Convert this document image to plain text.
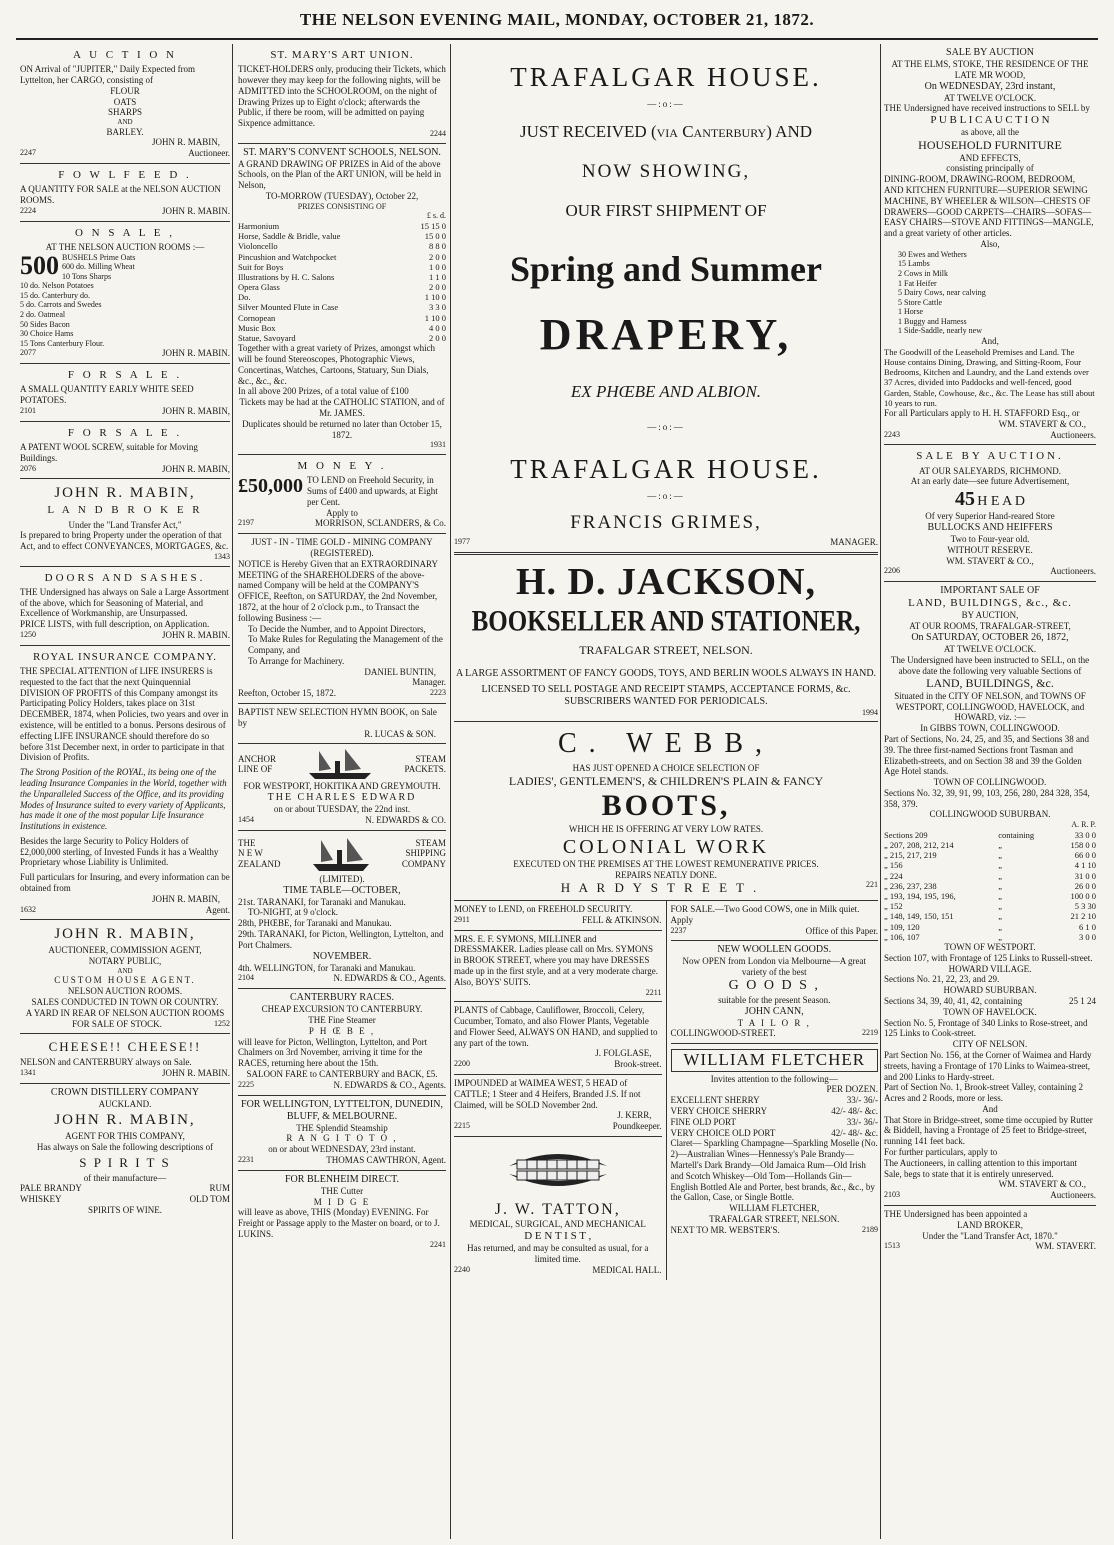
THE NELSON EVENING MAIL, MONDAY, OCTOBER 21, 1872.
A U C T I O N
ON Arrival of "JUPITER," Daily Expected from Lyttelton, her CARGO, consisting of
FLOUR
OATS
SHARPS
AND
BARLEY.
JOHN R. MABIN,
2247	Auctioneer.
F O W L F E E D .
A QUANTITY FOR SALE at the NELSON AUCTION ROOMS.
2224	JOHN R. MABIN.
O N S A L E ,
AT THE NELSON AUCTION ROOMS :—
500 BUSHELS Prime Oats
600 do. Milling Wheat
10 Tons Sharps
10 do. Nelson Potatoes
15 do. Canterbury do.
5 do. Carrots and Swedes
2 do. Oatmeal
50 Sides Bacon
30 Choice Hams
15 Tons Canterbury Flour.
2077	JOHN R. MABIN.
F O R S A L E .
A SMALL QUANTITY EARLY WHITE SEED POTATOES.
2101	JOHN R. MABIN,
F O R S A L E .
A PATENT WOOL SCREW, suitable for Moving Buildings.
2076	JOHN R. MABIN,
JOHN R. MABIN,
L A N D B R O K E R
Under the "Land Transfer Act,"
Is prepared to bring Property under the operation of that Act, and to effect CONVEYANCES, MORTGAGES, &c.
1343
DOORS AND SASHES.
THE Undersigned has always on Sale a Large Assortment of the above, which for Seasoning of Material, and Excellence of Workmanship, are Unsurpassed.
PRICE LISTS, with full description, on Application.
1250	JOHN R. MABIN.
ROYAL INSURANCE COMPANY.
THE SPECIAL ATTENTION of LIFE INSURERS is requested to the fact that the next Quinquennial DIVISION OF PROFITS of this Company amongst its Participating Policy Holders, takes place on 31st DECEMBER, 1874, when Policies, two years and over in existence, will be entitled to a bonus. Persons desirous of effecting LIFE INSURANCE should therefore do so before 31st December next, in order to participate in that Division of Profits.
The Strong Position of the ROYAL, its being one of the leading Insurance Companies in the World, together with the Unparalleled Success of the Office, and its providing Modes of Insurance suited to every variety of Applicants, has made it one of the most popular Life Insurance Institutions in existence.
Besides the large Security to Policy Holders of £2,000,000 sterling, of Invested Funds it has a Wealthy Proprietary whose Liability is Unlimited.
Full particulars for Insuring, and every information can be obtained from
JOHN R. MABIN,
1632	Agent.
JOHN R. MABIN,
AUCTIONEER, COMMISSION AGENT,
NOTARY PUBLIC,
AND
CUSTOM HOUSE AGENT.
NELSON AUCTION ROOMS.
SALES CONDUCTED IN TOWN OR COUNTRY.
A YARD IN REAR OF NELSON AUCTION ROOMS
FOR SALE OF STOCK.	1252
CHEESE!! CHEESE!!
NELSON and CANTERBURY always on Sale.
1341	JOHN R. MABIN.
CROWN DISTILLERY COMPANY
AUCKLAND.
JOHN R. MABIN,
AGENT FOR THIS COMPANY,
Has always on Sale the following descriptions of
S P I R I T S
of their manufacture—
PALE BRANDY	RUM
WHISKEY	OLD TOM
SPIRITS OF WINE.
ST. MARY'S ART UNION.
TICKET-HOLDERS only, producing their Tickets, which however they may keep for the following nights, will be ADMITTED into the SCHOOLROOM, on the night of Drawing Prizes up to Eight o'clock; afterwards the Public, if there be room, will be admitted on paying Sixpence admittance.
2244
ST. MARY'S CONVENT SCHOOLS, NELSON.
A GRAND DRAWING OF PRIZES in Aid of the above Schools, on the Plan of the ART UNION, will be held in Nelson,
TO-MORROW (TUESDAY), October 22,
PRIZES CONSISTING OF
£ s. d.
Harmonium	15 15 0
Horse, Saddle & Bridle, value	15 0 0
Violoncello	8 8 0
Pincushion and Watchpocket	2 0 0
Suit for Boys	1 0 0
Illustrations by H. C. Salons	1 1 0
Opera Glass	2 0 0
Do.	1 10 0
Silver Mounted Flute in Case	3 3 0
Cornopean	1 10 0
Music Box	4 0 0
Statue, Savoyard	2 0 0
Together with a great variety of Prizes, amongst which will be found Stereoscopes, Photographic Views, Concertinas, Watches, Cartoons, Statuary, Sun Dials, &c., &c., &c.
In all above 200 Prizes, of a total value of £100
Tickets may be had at the CATHOLIC STATION, and of Mr. JAMES.
Duplicates should be returned no later than October 15, 1872.
1931
M O N E Y .
£50,000 TO LEND on Freehold Security, in Sums of £400 and upwards, at Eight per Cent.
Apply to
2197	MORRISON, SCLANDERS, & Co.
JUST - IN - TIME GOLD - MINING COMPANY (REGISTERED).
NOTICE is Hereby Given that an EXTRAORDINARY MEETING of the SHAREHOLDERS of the above-named Company will be held at the COMPANY'S OFFICE, Reefton, on SATURDAY, the 2nd November, 1872, at the hour of 2 o'clock p.m., to Transact the following Business :—
To Decide the Number, and to Appoint Directors,
To Make Rules for Regulating the Management of the Company, and
To Arrange for Machinery.
DANIEL BUNTIN,
Manager.
Reefton, October 15, 1872.	2223
BAPTIST NEW SELECTION HYMN BOOK, on Sale by
R. LUCAS & SON.
ANCHOR
LINE OF
STEAM
PACKETS.
FOR WESTPORT, HOKITIKA AND GREYMOUTH.
THE CHARLES EDWARD
on or about TUESDAY, the 22nd inst.
1454	N. EDWARDS & CO.
THE
N E W
ZEALAND
STEAM
SHIPPING
COMPANY
(LIMITED).
TIME TABLE—OCTOBER,
21st. TARANAKI, for Taranaki and Manukau.
TO-NIGHT, at 9 o'clock.
28th, PHŒBE, for Taranaki and Manukau.
29th. TARANAKI, for Picton, Wellington, Lyttelton, and Port Chalmers.
NOVEMBER.
4th. WELLINGTON, for Taranaki and Manukau.
2104	N. EDWARDS & CO., Agents.
CANTERBURY RACES.
CHEAP EXCURSION TO CANTERBURY.
THE Fine Steamer
P H Œ B E ,
will leave for Picton, Wellington, Lyttelton, and Port Chalmers on 3rd November, arriving it time for the RACES, returning here about the 15th.
SALOON FARE to CANTERBURY and BACK, £5.
2225	N. EDWARDS & CO., Agents.
FOR WELLINGTON, LYTTELTON, DUNEDIN, BLUFF, & MELBOURNE.
THE Splendid Steamship
R A N G I T O T O ,
on or about WEDNESDAY, 23rd instant.
2231	THOMAS CAWTHRON, Agent.
FOR BLENHEIM DIRECT.
THE Cutter
M I D G E
will leave as above, THIS (Monday) EVENING. For Freight or Passage apply to the Master on board, or to J. LUKINS.
2241
TRAFALGAR HOUSE.
—:o:—
JUST RECEIVED (via Canterbury) AND
NOW SHOWING,
OUR FIRST SHIPMENT OF
Spring and Summer
DRAPERY,
EX PHŒBE AND ALBION.
—:o:—
TRAFALGAR HOUSE.
—:o:—
FRANCIS GRIMES,
1977	MANAGER.
H. D. JACKSON,
BOOKSELLER AND STATIONER,
TRAFALGAR STREET, NELSON.
A LARGE ASSORTMENT OF FANCY GOODS, TOYS, AND BERLIN WOOLS ALWAYS IN HAND.
LICENSED TO SELL POSTAGE AND RECEIPT STAMPS, ACCEPTANCE FORMS, &c. SUBSCRIBERS WANTED FOR PERIODICALS.
1994
C. WEBB,
HAS JUST OPENED A CHOICE SELECTION OF
LADIES', GENTLEMEN'S, & CHILDREN'S PLAIN & FANCY
BOOTS,
WHICH HE IS OFFERING AT VERY LOW RATES.
COLONIAL WORK
EXECUTED ON THE PREMISES AT THE LOWEST REMUNERATIVE PRICES.
REPAIRS NEATLY DONE.
H A R D Y S T R E E T .	221
MONEY to LEND, on FREEHOLD SECURITY.
2911	FELL & ATKINSON.
MRS. E. F. SYMONS, MILLINER and DRESSMAKER. Ladies please call on Mrs. SYMONS in BROOK STREET, where you may have DRESSES made up in the first style, and at a very moderate charge. Also, BOYS' SUITS.
2211
PLANTS of Cabbage, Cauliflower, Broccoli, Celery, Cucumber, Tomato, and also Flower Plants, Vegetable and Flower Seed, ALWAYS ON HAND, and supplied to any part of the town.
J. FOLGLASE,
2200	Brook-street.
IMPOUNDED at WAIMEA WEST, 5 HEAD of CATTLE; 1 Steer and 4 Heifers, Branded J.S. If not Claimed, will be SOLD November 2nd.
J. KERR,
2215	Poundkeeper.
J. W. TATTON,
MEDICAL, SURGICAL, AND MECHANICAL
D E N T I S T ,
Has returned, and may be consulted as usual, for a limited time.
2240	MEDICAL HALL.
FOR SALE.—Two Good COWS, one in Milk quiet. Apply
2237	Office of this Paper.
NEW WOOLLEN GOODS.
Now OPEN from London via Melbourne—A great variety of the best
G O O D S ,
suitable for the present Season.
JOHN CANN,
T A I L O R ,
COLLINGWOOD-STREET.	2219
WILLIAM FLETCHER
Invites attention to the following—
PER DOZEN.
EXCELLENT SHERRY	33/- 36/-
VERY CHOICE SHERRY	42/- 48/- &c.
FINE OLD PORT	33/- 36/-
VERY CHOICE OLD PORT	42/- 48/- &c.
Claret— Sparkling Champagne—Sparkling Moselle (No. 2)—Australian Wines—Hennessy's Pale Brandy—Martell's Dark Brandy—Old Jamaica Rum—Old Irish and Scotch Whiskey—Old Tom—Hollands Gin—English Bottled Ale and Porter, best brands, &c., &c., by the Gallon, Case, or Single Bottle.
WILLIAM FLETCHER,
TRAFALGAR STREET, NELSON.
NEXT TO MR. WEBSTER'S.	2189
SALE BY AUCTION
AT THE ELMS, STOKE, THE RESIDENCE OF THE LATE MR WOOD,
On WEDNESDAY, 23rd instant,
AT TWELVE O'CLOCK.
THE Undersigned have received instructions to SELL by
P U B L I C A U C T I O N
as above, all the
HOUSEHOLD FURNITURE
AND EFFECTS,
consisting principally of
DINING-ROOM, DRAWING-ROOM, BEDROOM, AND KITCHEN FURNITURE—SUPERIOR SEWING MACHINE, BY WHEELER & WILSON—CHESTS OF DRAWERS—GOOD CARPETS—CHAIRS—SOFAS—EASY CHAIRS—STOVE AND FITTINGS—MANGLE, and a great variety of other articles.
Also,
30 Ewes and Wethers
15 Lambs
2 Cows in Milk
1 Fat Heifer
5 Dairy Cows, near calving
5 Store Cattle
1 Horse
1 Buggy and Harness
1 Side-Saddle, nearly new
And,
The Goodwill of the Leasehold Premises and Land. The House contains Dining, Drawing, and Sitting-Room, Four Bedrooms, Kitchen and Laundry, and the Land extends over 37 Acres, divided into Paddocks and well-fenced, good Garden, Stable, Cowhouse, &c., &c. The Lease has still about 10 years to run.
For all Particulars apply to H. H. STAFFORD Esq., or
WM. STAVERT & CO.,
2243	Auctioneers.
SALE BY AUCTION.
AT OUR SALEYARDS, RICHMOND.
At an early date—see future Advertisement,
45 H E A D
Of very Superior Hand-reared Store
BULLOCKS AND HEIFFERS
Two to Four-year old.
WITHOUT RESERVE.
WM. STAVERT & CO.,
2206	Auctioneers.
IMPORTANT SALE OF
LAND, BUILDINGS, &c., &c.
BY AUCTION,
AT OUR ROOMS, TRAFALGAR-STREET,
On SATURDAY, OCTOBER 26, 1872,
AT TWELVE O'CLOCK.
The Undersigned have been instructed to SELL, on the above date the following very valuable Sections of
LAND, BUILDINGS, &c.
Situated in the CITY OF NELSON, and TOWNS OF WESTPORT, COLLINGWOOD, HAVELOCK, and HOWARD, viz. :—
In GIBBS TOWN, COLLINGWOOD.
Part of Sections, No. 24, 25, and 35, and Sections 38 and 39. The three first-named Sections front Tasman and Elizabeth-streets, and on Section 38 and 39 the Golden Age Hotel stands.
TOWN OF COLLINGWOOD.
Sections No. 32, 39, 91, 99, 103, 256, 280, 284 328, 354, 358, 379.
COLLINGWOOD SUBURBAN.
A. R. P.
Sections 209	containing	33 0 0
„ 207, 208, 212, 214	„	158 0 0
„ 215, 217, 219	„	66 0 0
„ 156	„	4 1 10
„ 224	„	31 0 0
„ 236, 237, 238	„	26 0 0
„ 193, 194, 195, 196,	„	100 0 0
„ 152	„	5 3 30
„ 148, 149, 150, 151	„	21 2 10
„ 109, 120	„	6 1 0
„ 106, 107	„	3 0 0
TOWN OF WESTPORT.
Section 107, with Frontage of 125 Links to Russell-street.
HOWARD VILLAGE.
Sections No. 21, 22, 23, and 29.
HOWARD SUBURBAN.
Sections 34, 39, 40, 41, 42, containing	25 1 24
TOWN OF HAVELOCK.
Section No. 5, Frontage of 340 Links to Rose-street, and 125 Links to Cook-street.
CITY OF NELSON.
Part Section No. 156, at the Corner of Waimea and Hardy streets, having a Frontage of 170 Links to Waimea-street, and 200 Links to Hardy-street.
Part of Section No. 1, Brook-street Valley, containing 2 Acres and 2 Roods, more or less.
And
That Store in Bridge-street, some time occupied by Rutter & Biddell, having a Frontage of 25 feet to Bridge-street, running 141 feet back.
For further particulars, apply to
The Auctioneers, in calling attention to this important Sale, begs to state that it is entirely unreserved.
WM. STAVERT & CO.,
2103	Auctioneers.
THE Undersigned has been appointed a
LAND BROKER,
Under the "Land Transfer Act, 1870."
1513	WM. STAVERT.
